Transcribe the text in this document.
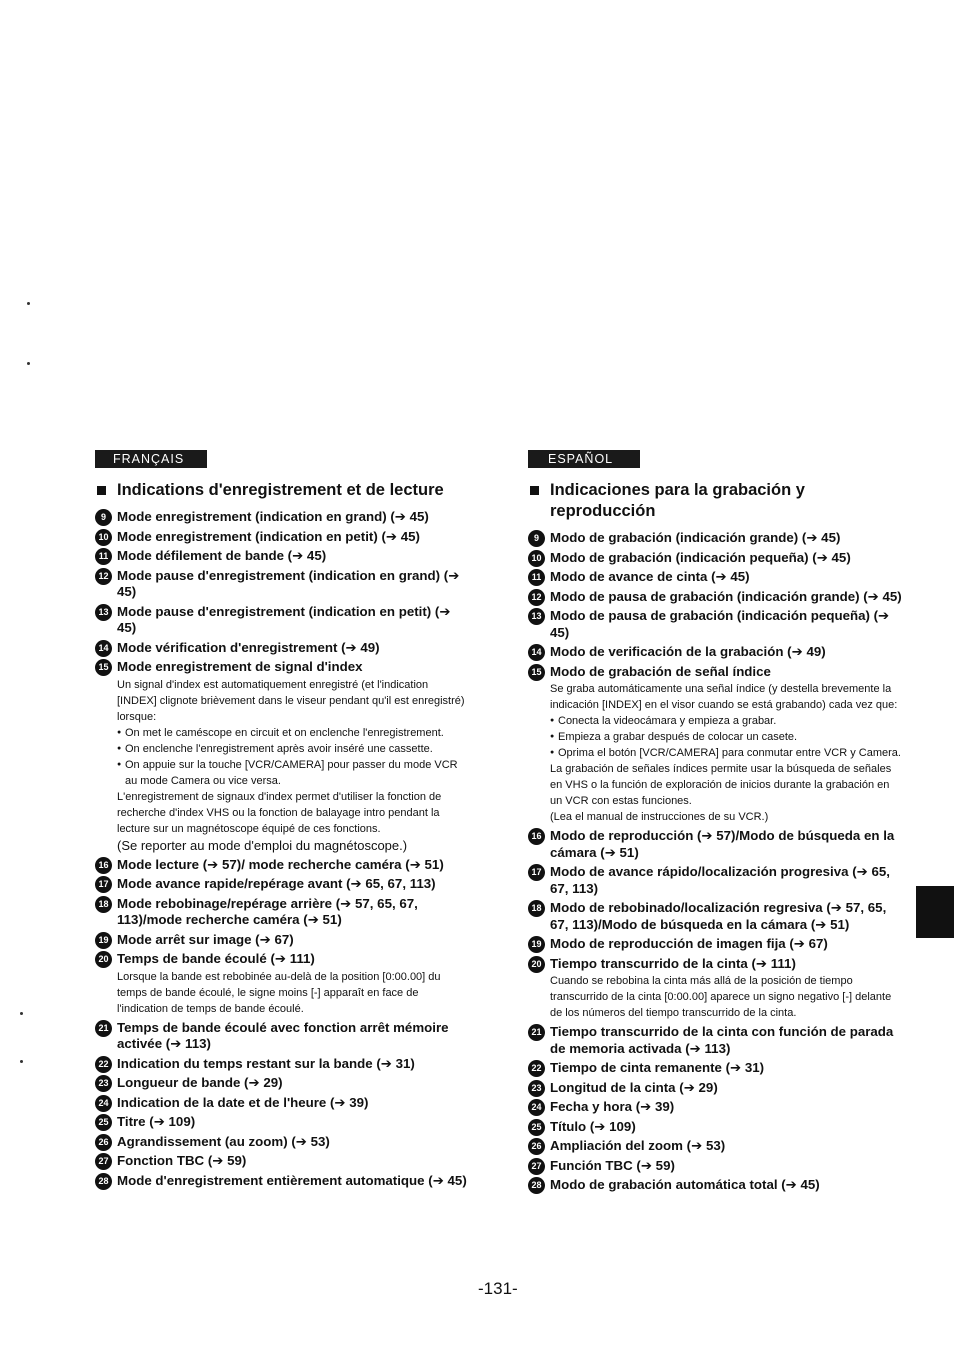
FRANÇAIS
Indications d'enregistrement et de lecture
9 Mode enregistrement (indication en grand) (➔ 45)
10 Mode enregistrement (indication en petit) (➔ 45)
11 Mode défilement de bande (➔ 45)
12 Mode pause d'enregistrement (indication en grand) (➔ 45)
13 Mode pause d'enregistrement (indication en petit) (➔ 45)
14 Mode vérification d'enregistrement (➔ 49)
15 Mode enregistrement de signal d'index
Un signal d'index est automatiquement enregistré (et l'indication [INDEX] clignote brièvement dans le viseur pendant qu'il est enregistré) lorsque:
● On met le caméscope en circuit et on enclenche l'enregistrement.
● On enclenche l'enregistrement après avoir inséré une cassette.
● On appuie sur la touche [VCR/CAMERA] pour passer du mode VCR au mode Camera ou vice versa.
L'enregistrement de signaux d'index permet d'utiliser la fonction de recherche d'index VHS ou la fonction de balayage intro pendant la lecture sur un magnétoscope équipé de ces fonctions.
(Se reporter au mode d'emploi du magnétoscope.)
16 Mode lecture (➔ 57)/ mode recherche caméra (➔ 51)
17 Mode avance rapide/repérage avant (➔ 65, 67, 113)
18 Mode rebobinage/repérage arrière (➔ 57, 65, 67, 113)/mode recherche caméra (➔ 51)
19 Mode arrêt sur image (➔ 67)
20 Temps de bande écoulé (➔ 111)
Lorsque la bande est rebobinée au-delà de la position [0:00.00] du temps de bande écoulé, le signe moins [-] apparaît en face de l'indication de temps de bande écoulé.
21 Temps de bande écoulé avec fonction arrêt mémoire activée (➔ 113)
22 Indication du temps restant sur la bande (➔ 31)
23 Longueur de bande (➔ 29)
24 Indication de la date et de l'heure (➔ 39)
25 Titre (➔ 109)
26 Agrandissement (au zoom) (➔ 53)
27 Fonction TBC (➔ 59)
28 Mode d'enregistrement entièrement automatique (➔ 45)
ESPAÑOL
Indicaciones para la grabación y reproducción
9 Modo de grabación (indicación grande) (➔ 45)
10 Modo de grabación (indicación pequeña) (➔ 45)
11 Modo de avance de cinta (➔ 45)
12 Modo de pausa de grabación (indicación grande) (➔ 45)
13 Modo de pausa de grabación (indicación pequeña) (➔ 45)
14 Modo de verificación de la grabación (➔ 49)
15 Modo de grabación de señal índice
Se graba automáticamente una señal índice (y destella brevemente la indicación [INDEX] en el visor cuando se está grabando) cada vez que:
● Conecta la videocámara y empieza a grabar.
● Empieza a grabar después de colocar un casete.
● Oprima el botón [VCR/CAMERA] para conmutar entre VCR y Camera.
La grabación de señales índices permite usar la búsqueda de señales en VHS o la función de exploración de inicios durante la grabación en un VCR con estas funciones.
(Lea el manual de instrucciones de su VCR.)
16 Modo de reproducción (➔ 57)/Modo de búsqueda en la cámara (➔ 51)
17 Modo de avance rápido/localización progresiva (➔ 65, 67, 113)
18 Modo de rebobinado/localización regresiva (➔ 57, 65, 67, 113)/Modo de búsqueda en la cámara (➔ 51)
19 Modo de reproducción de imagen fija (➔ 67)
20 Tiempo transcurrido de la cinta (➔ 111)
Cuando se rebobina la cinta más allá de la posición de tiempo transcurrido de la cinta [0:00.00] aparece un signo negativo [-] delante de los números del tiempo transcurrido de la cinta.
21 Tiempo transcurrido de la cinta con función de parada de memoria activada (➔ 113)
22 Tiempo de cinta remanente (➔ 31)
23 Longitud de la cinta (➔ 29)
24 Fecha y hora (➔ 39)
25 Título (➔ 109)
26 Ampliación del zoom (➔ 53)
27 Función TBC (➔ 59)
28 Modo de grabación automática total (➔ 45)
-131-
